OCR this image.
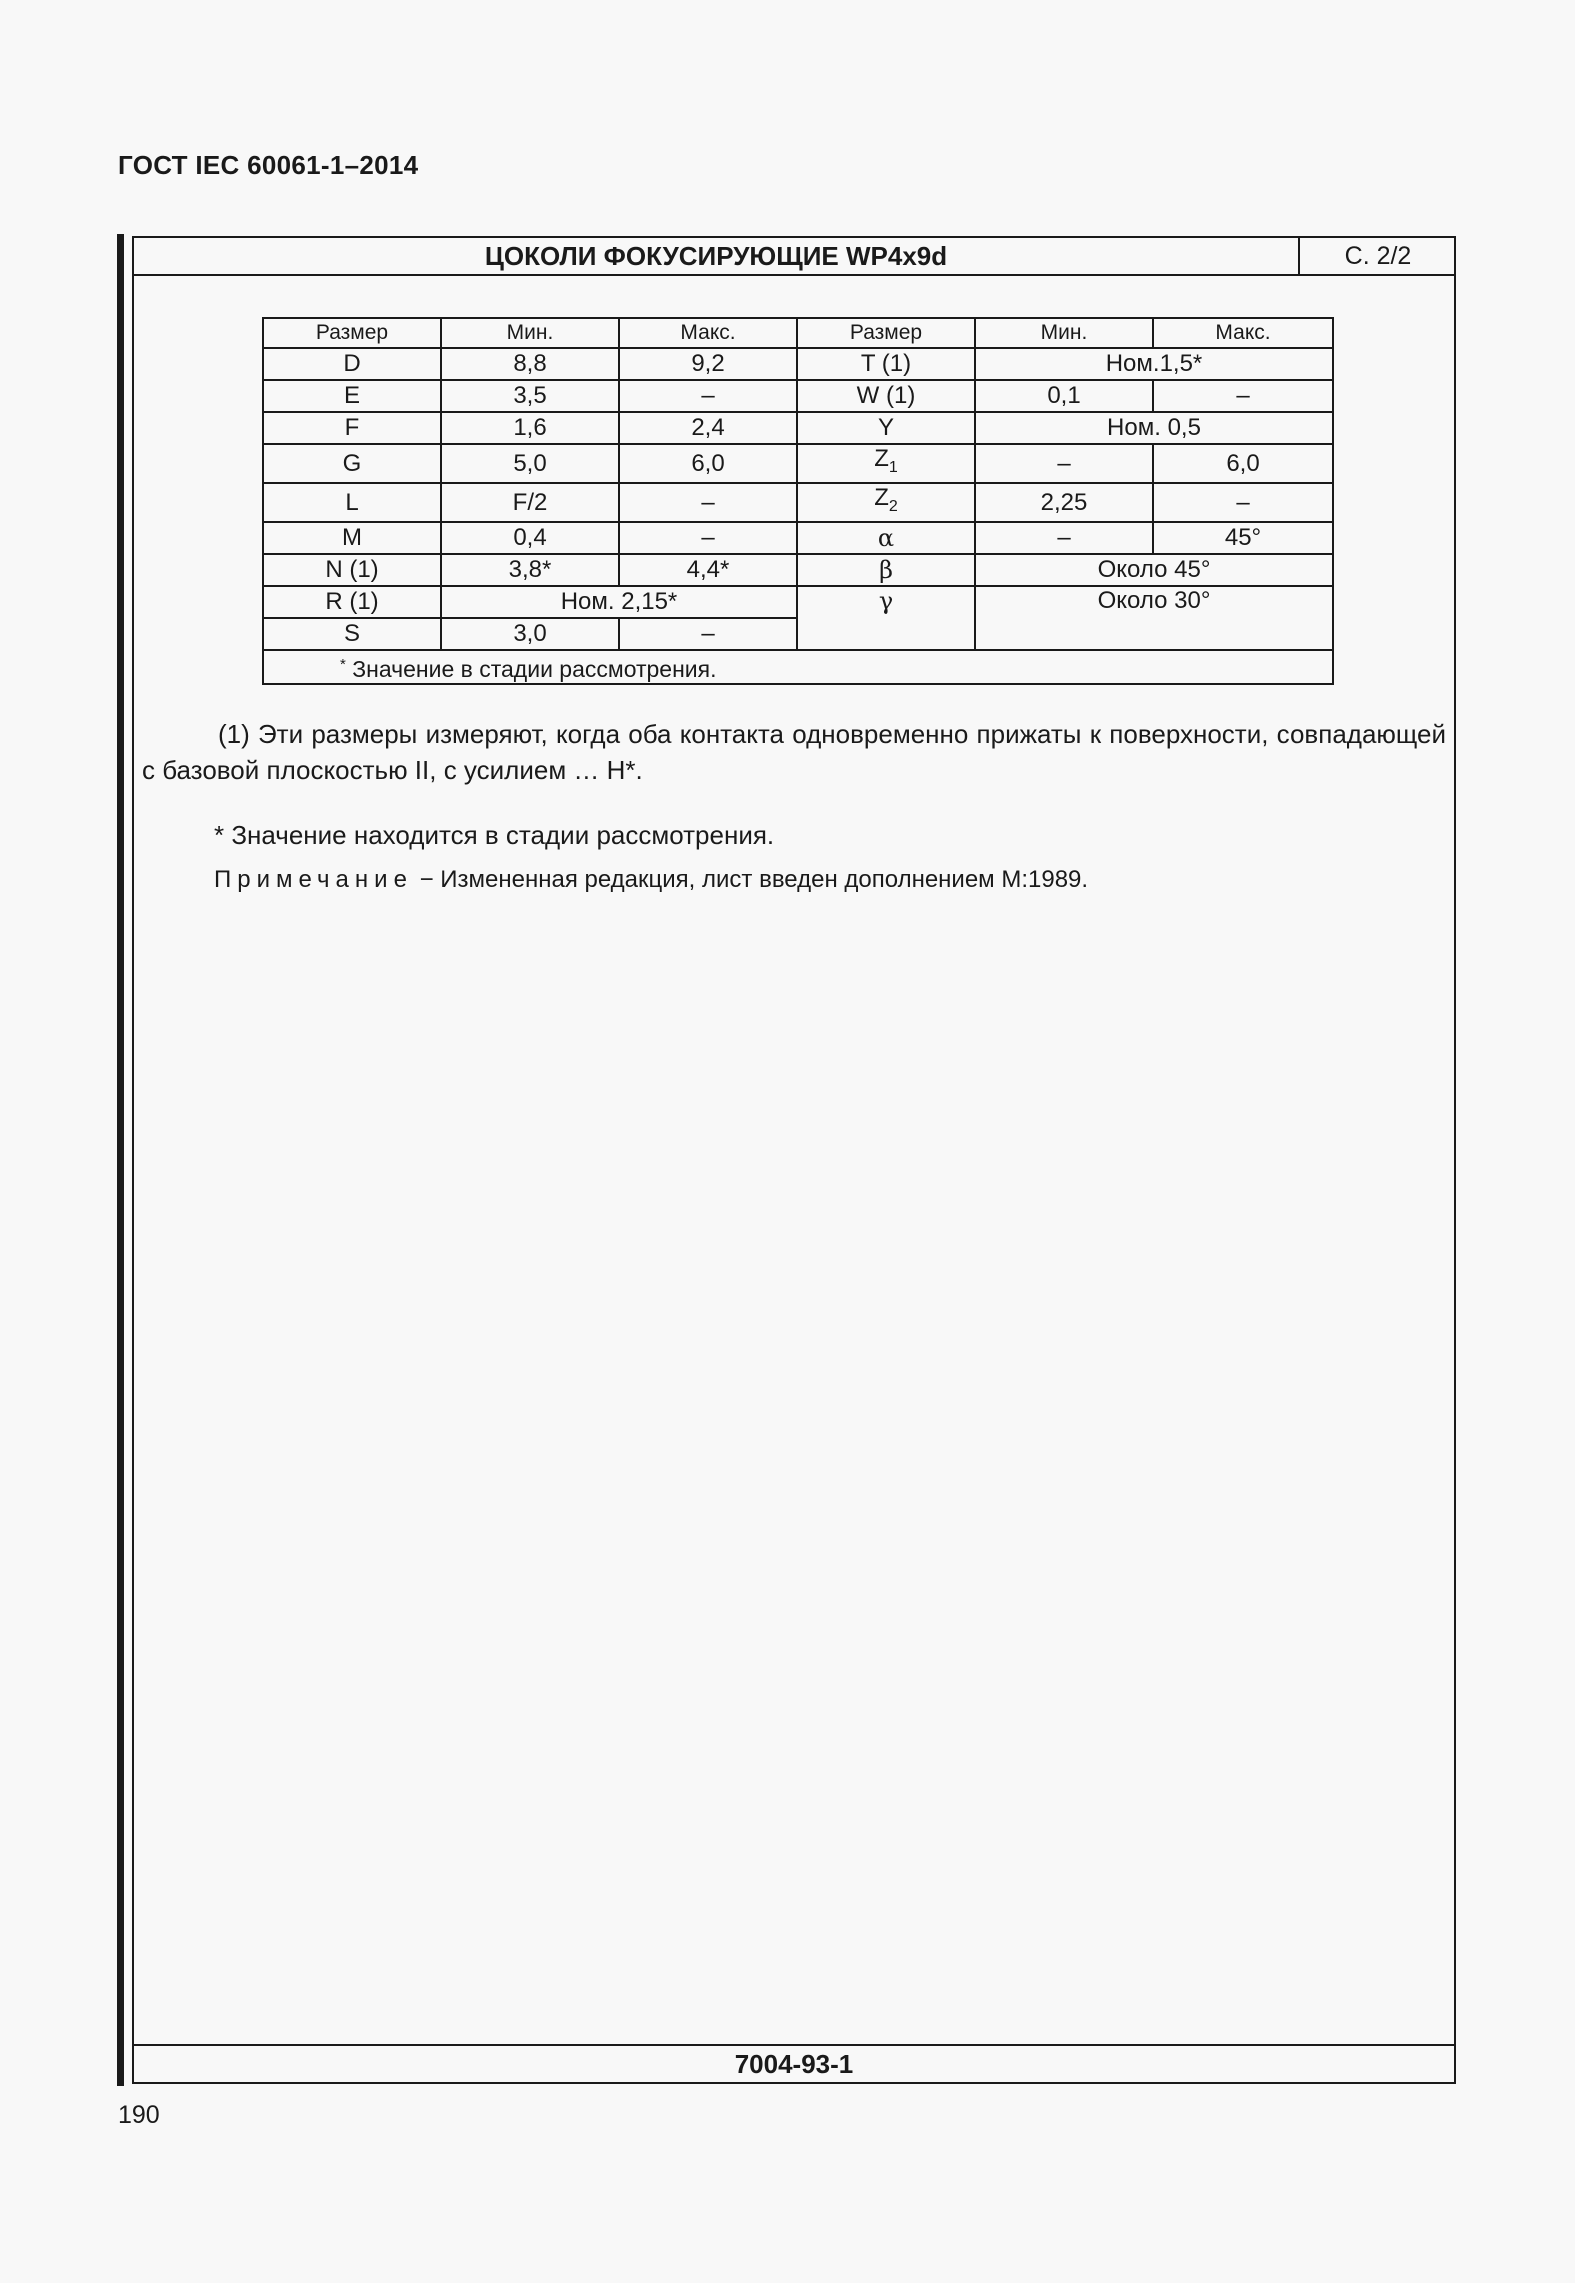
ГОСТ IEC 60061-1–2014
ЦОКОЛИ ФОКУСИРУЮЩИЕ WP4x9d	С. 2/2
Размер	Мин.	Макс.	Размер	Мин.	Макс.
D	8,8	9,2	T (1)	Ном.1,5*	
E	3,5	–	W (1)	0,1	–
F	1,6	2,4	Y	Ном. 0,5	
G	5,0	6,0	$Z_1$	–	6,0
L	F/2	–	$Z_2$	2,25	–
M	0,4	–	α	–	45°
N (1)	3,8*	4,4*	β	Около 45°	
R (1)	Ном. 2,15*		γ	Около 30°	
S	3,0	–			
* Значение в стадии рассмотрения.					
(1) Эти размеры измеряют, когда оба контакта одновременно прижаты к поверхности, совпадающей с базовой плоскостью II, с усилием … Н*.
* Значение находится в стадии рассмотрения.
Примечание − Измененная редакция, лист введен дополнением М:1989.
7004-93-1
190
